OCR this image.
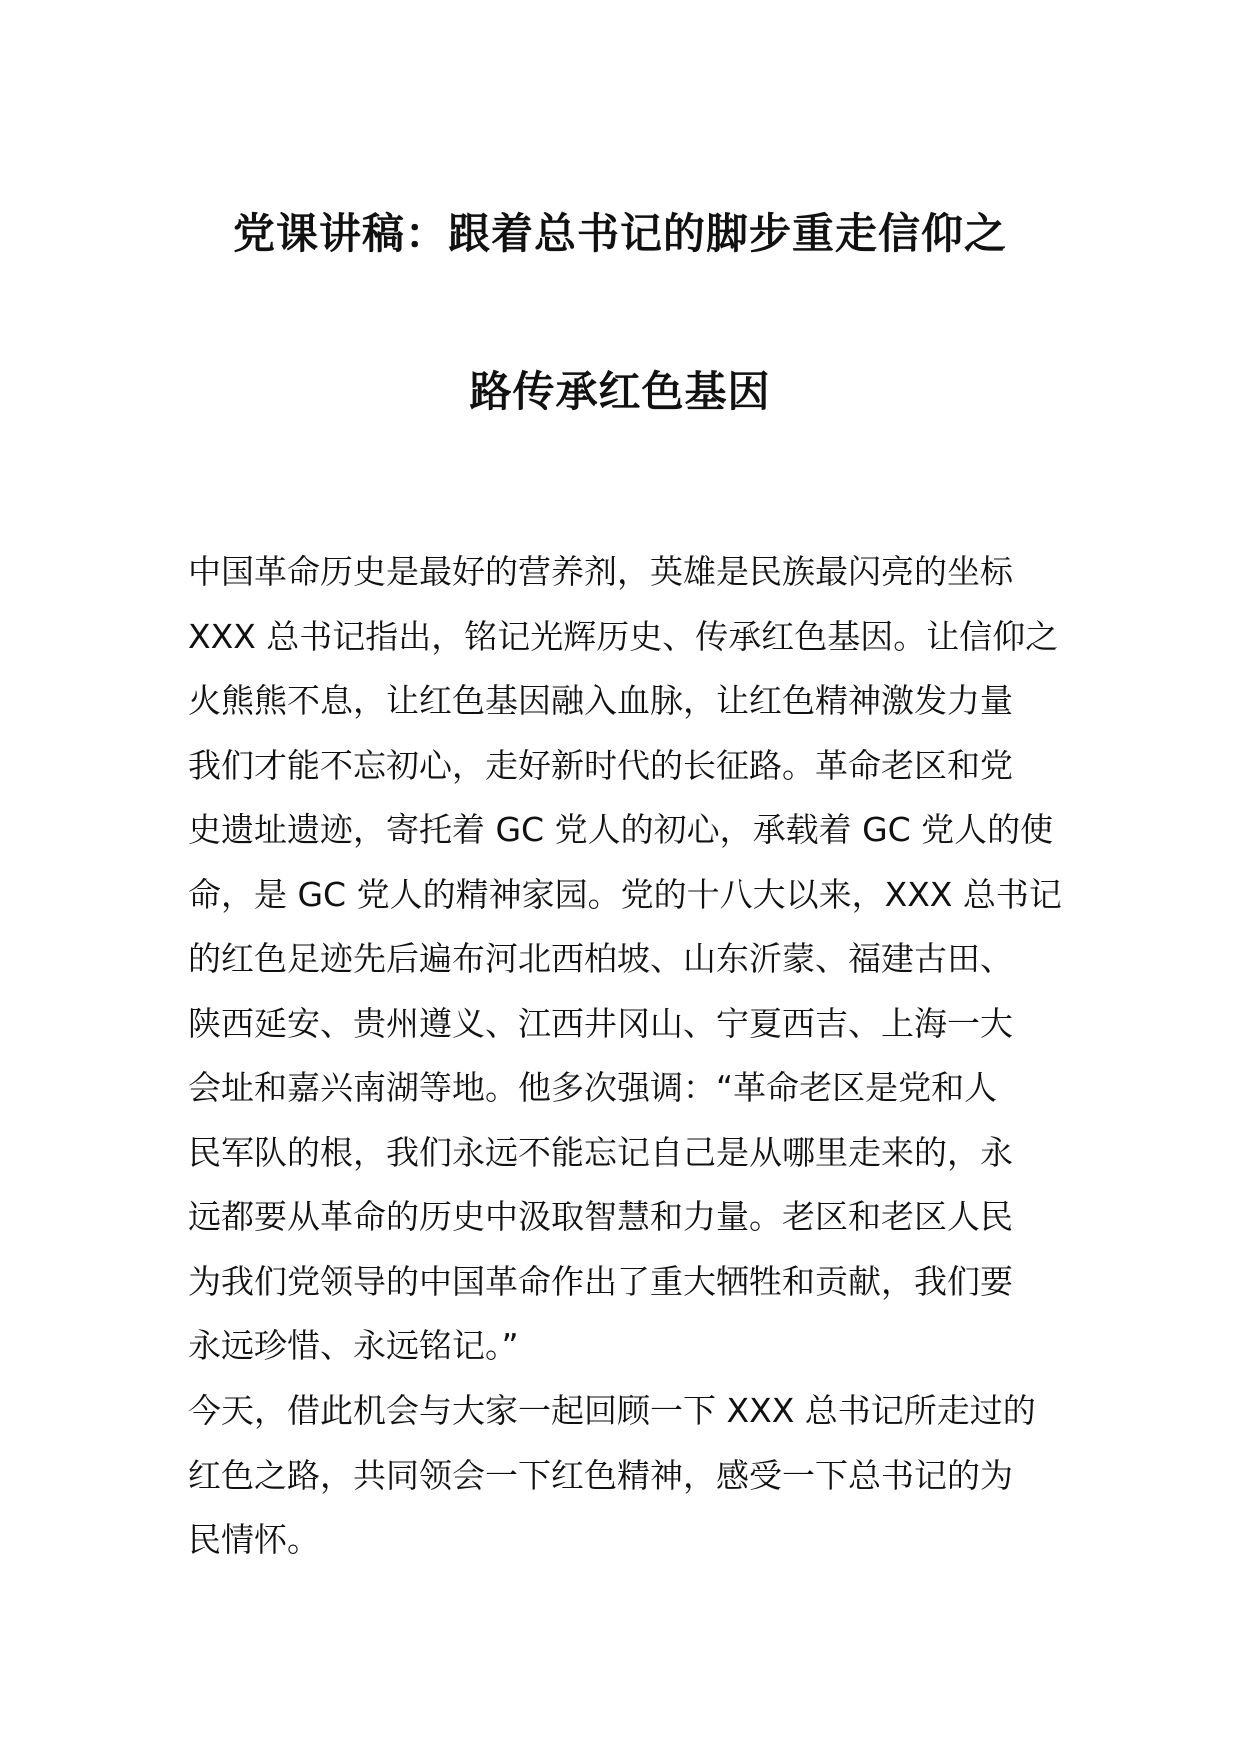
党课讲稿：跟着总书记的脚步重走信仰之
路传承红色基因
中国革命历史是最好的营养剂，英雄是民族最闪亮的坐标
XXX 总书记指出，铭记光辉历史、传承红色基因。让信仰之
火熊熊不息，让红色基因融入血脉，让红色精神激发力量
我们才能不忘初心，走好新时代的长征路。革命老区和党
史遗址遗迹，寄托着 GC 党人的初心，承载着 GC 党人的使
命，是 GC 党人的精神家园。党的十八大以来，XXX 总书记
的红色足迹先后遍布河北西柏坡、山东沂蒙、福建古田、
陕西延安、贵州遵义、江西井冈山、宁夏西吉、上海一大
会址和嘉兴南湖等地。他多次强调：“革命老区是党和人
民军队的根，我们永远不能忘记自己是从哪里走来的，永
远都要从革命的历史中汲取智慧和力量。老区和老区人民
为我们党领导的中国革命作出了重大牺牲和贡献，我们要
永远珍惜、永远铭记。”
今天，借此机会与大家一起回顾一下 XXX 总书记所走过的
红色之路，共同领会一下红色精神，感受一下总书记的为
民情怀。
